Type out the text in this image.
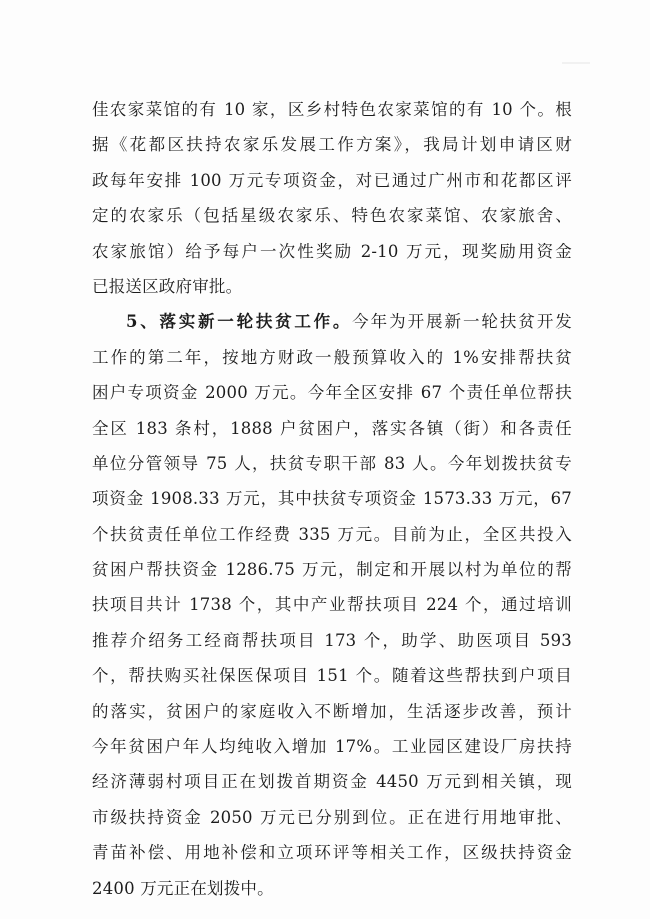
佳农家菜馆的有 10 家，区乡村特色农家菜馆的有 10 个。根
据《花都区扶持农家乐发展工作方案》，我局计划申请区财
政每年安排 100 万元专项资金，对已通过广州市和花都区评
定的农家乐（包括星级农家乐、特色农家菜馆、农家旅舍、
农家旅馆）给予每户一次性奖励 2-10 万元，现奖励用资金
已报送区政府审批。
5、落实新一轮扶贫工作。今年为开展新一轮扶贫开发
工作的第二年，按地方财政一般预算收入的 1%安排帮扶贫
困户专项资金 2000 万元。今年全区安排 67 个责任单位帮扶
全区 183 条村，1888 户贫困户，落实各镇（街）和各责任
单位分管领导 75 人，扶贫专职干部 83 人。今年划拨扶贫专
项资金 1908.33 万元，其中扶贫专项资金 1573.33 万元，67
个扶贫责任单位工作经费 335 万元。目前为止，全区共投入
贫困户帮扶资金 1286.75 万元，制定和开展以村为单位的帮
扶项目共计 1738 个，其中产业帮扶项目 224 个，通过培训
推荐介绍务工经商帮扶项目 173 个，助学、助医项目 593
个，帮扶购买社保医保项目 151 个。随着这些帮扶到户项目
的落实，贫困户的家庭收入不断增加，生活逐步改善，预计
今年贫困户年人均纯收入增加 17%。工业园区建设厂房扶持
经济薄弱村项目正在划拨首期资金 4450 万元到相关镇，现
市级扶持资金 2050 万元已分别到位。正在进行用地审批、
青苗补偿、用地补偿和立项环评等相关工作，区级扶持资金
2400 万元正在划拨中。
